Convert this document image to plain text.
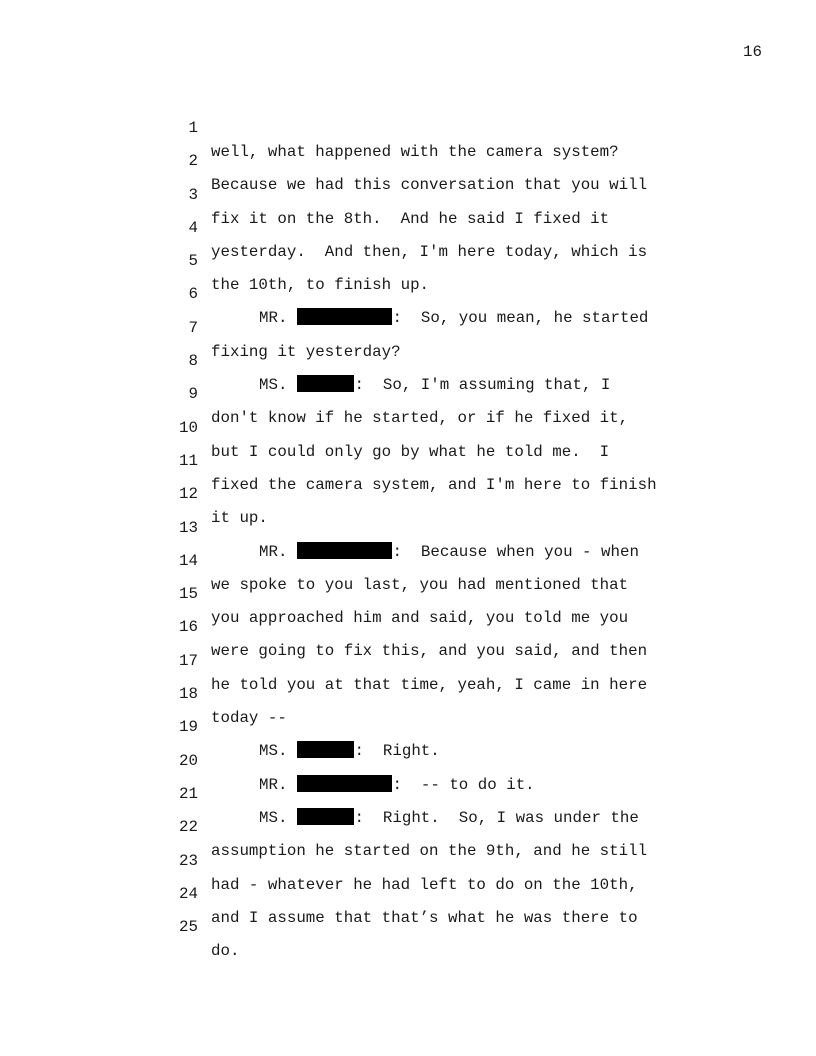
16

1

well, what happened with the camera system?

2

Because we had this conversation that you will

3

fix it on the 8th.  And he said I fixed it

4

yesterday.  And then, I'm here today, which is

5

the 10th, to finish up.

6

MR.	:  So, you mean, he started

7

fixing it yesterday?

8

MS.	:  So, I'm assuming that, I

9

don't know if he started, or if he fixed it,

10

but I could only go by what he told me.  I

11

fixed the camera system, and I'm here to finish

12

it up.

13

MR.	:  Because when you - when

14

we spoke to you last, you had mentioned that

15

you approached him and said, you told me you

16

were going to fix this, and you said, and then

17

he told you at that time, yeah, I came in here

18

today --

19

MS.	:  Right.

20

MR.	:  -- to do it.

21

MS.	:  Right.  So, I was under the

22

assumption he started on the 9th, and he still

23

had - whatever he had left to do on the 10th,

24

and I assume that that’s what he was there to

25

do.
